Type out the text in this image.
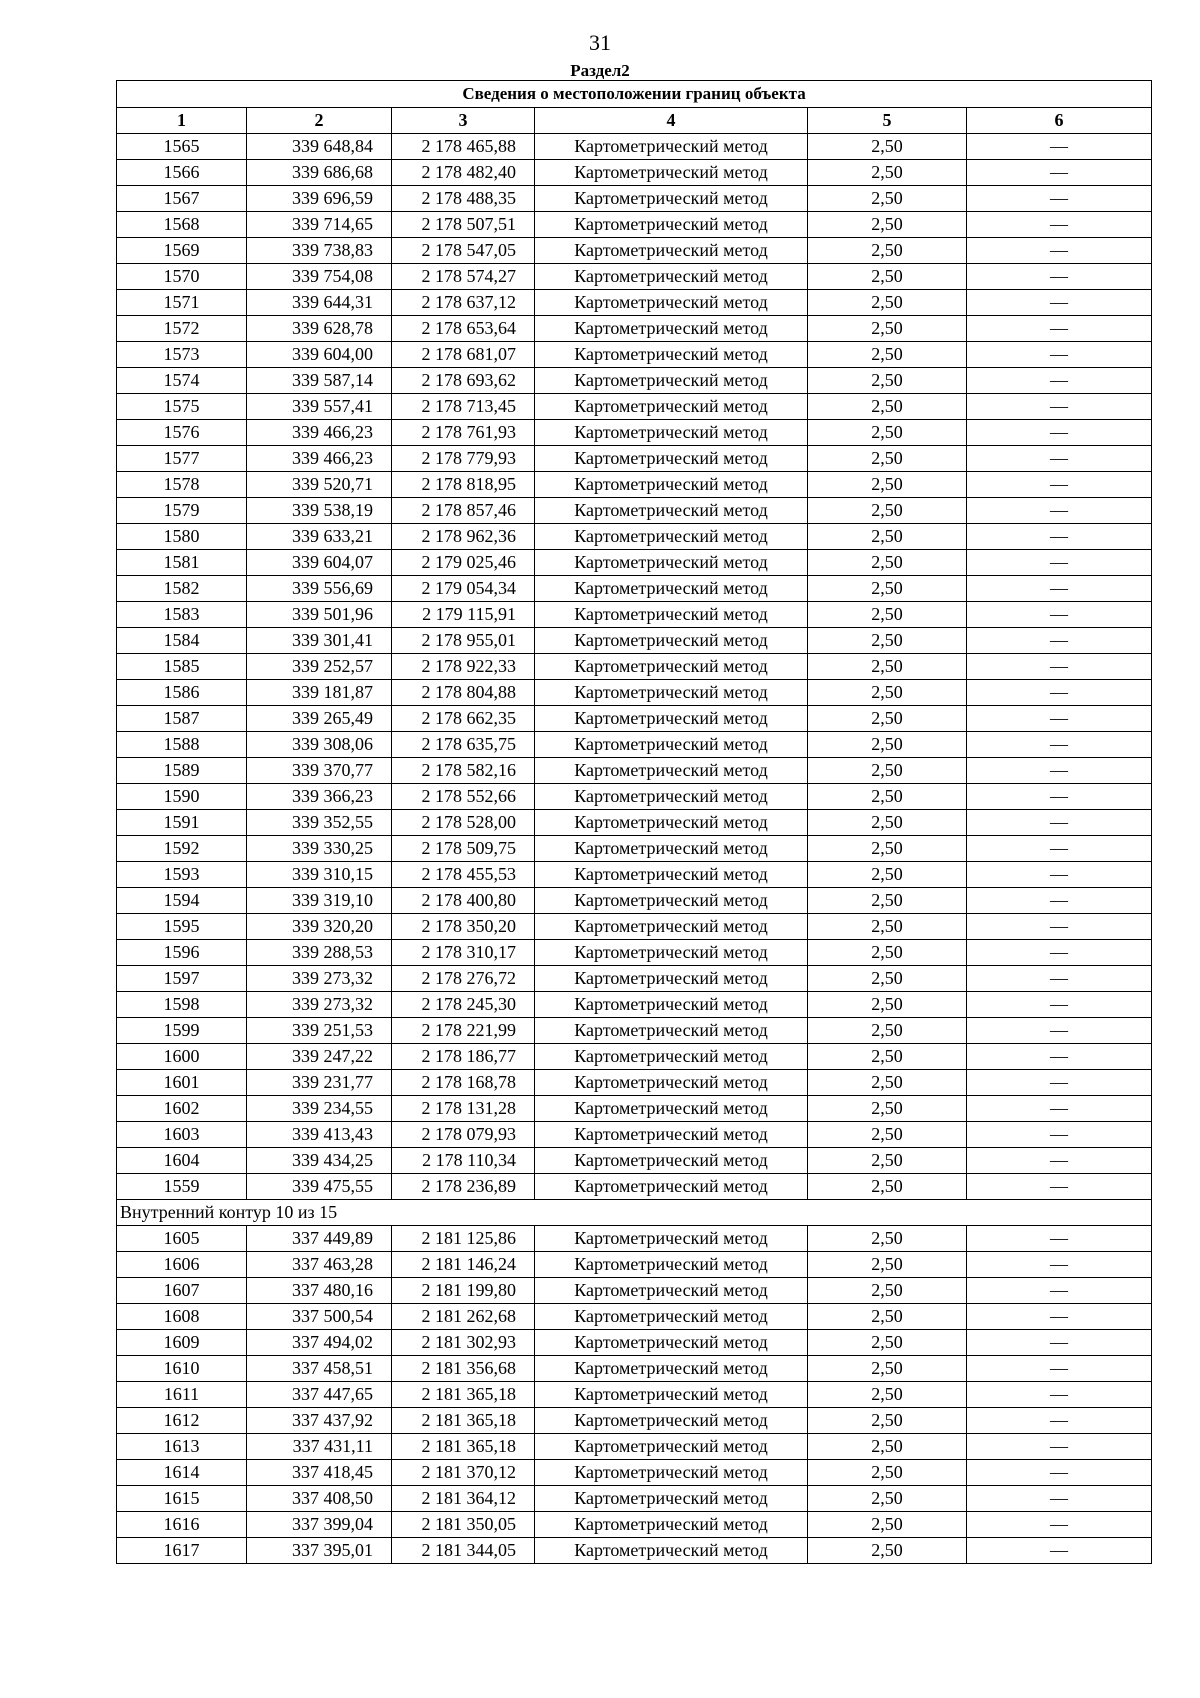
31
Раздел2
Сведения о местоположении границ объекта					
1	2	3	4	5	6
1565	339 648,84	2 178 465,88	Картометрический метод	2,50	—
1566	339 686,68	2 178 482,40	Картометрический метод	2,50	—
1567	339 696,59	2 178 488,35	Картометрический метод	2,50	—
1568	339 714,65	2 178 507,51	Картометрический метод	2,50	—
1569	339 738,83	2 178 547,05	Картометрический метод	2,50	—
1570	339 754,08	2 178 574,27	Картометрический метод	2,50	—
1571	339 644,31	2 178 637,12	Картометрический метод	2,50	—
1572	339 628,78	2 178 653,64	Картометрический метод	2,50	—
1573	339 604,00	2 178 681,07	Картометрический метод	2,50	—
1574	339 587,14	2 178 693,62	Картометрический метод	2,50	—
1575	339 557,41	2 178 713,45	Картометрический метод	2,50	—
1576	339 466,23	2 178 761,93	Картометрический метод	2,50	—
1577	339 466,23	2 178 779,93	Картометрический метод	2,50	—
1578	339 520,71	2 178 818,95	Картометрический метод	2,50	—
1579	339 538,19	2 178 857,46	Картометрический метод	2,50	—
1580	339 633,21	2 178 962,36	Картометрический метод	2,50	—
1581	339 604,07	2 179 025,46	Картометрический метод	2,50	—
1582	339 556,69	2 179 054,34	Картометрический метод	2,50	—
1583	339 501,96	2 179 115,91	Картометрический метод	2,50	—
1584	339 301,41	2 178 955,01	Картометрический метод	2,50	—
1585	339 252,57	2 178 922,33	Картометрический метод	2,50	—
1586	339 181,87	2 178 804,88	Картометрический метод	2,50	—
1587	339 265,49	2 178 662,35	Картометрический метод	2,50	—
1588	339 308,06	2 178 635,75	Картометрический метод	2,50	—
1589	339 370,77	2 178 582,16	Картометрический метод	2,50	—
1590	339 366,23	2 178 552,66	Картометрический метод	2,50	—
1591	339 352,55	2 178 528,00	Картометрический метод	2,50	—
1592	339 330,25	2 178 509,75	Картометрический метод	2,50	—
1593	339 310,15	2 178 455,53	Картометрический метод	2,50	—
1594	339 319,10	2 178 400,80	Картометрический метод	2,50	—
1595	339 320,20	2 178 350,20	Картометрический метод	2,50	—
1596	339 288,53	2 178 310,17	Картометрический метод	2,50	—
1597	339 273,32	2 178 276,72	Картометрический метод	2,50	—
1598	339 273,32	2 178 245,30	Картометрический метод	2,50	—
1599	339 251,53	2 178 221,99	Картометрический метод	2,50	—
1600	339 247,22	2 178 186,77	Картометрический метод	2,50	—
1601	339 231,77	2 178 168,78	Картометрический метод	2,50	—
1602	339 234,55	2 178 131,28	Картометрический метод	2,50	—
1603	339 413,43	2 178 079,93	Картометрический метод	2,50	—
1604	339 434,25	2 178 110,34	Картометрический метод	2,50	—
1559	339 475,55	2 178 236,89	Картометрический метод	2,50	—
Внутренний контур 10 из 15					
1605	337 449,89	2 181 125,86	Картометрический метод	2,50	—
1606	337 463,28	2 181 146,24	Картометрический метод	2,50	—
1607	337 480,16	2 181 199,80	Картометрический метод	2,50	—
1608	337 500,54	2 181 262,68	Картометрический метод	2,50	—
1609	337 494,02	2 181 302,93	Картометрический метод	2,50	—
1610	337 458,51	2 181 356,68	Картометрический метод	2,50	—
1611	337 447,65	2 181 365,18	Картометрический метод	2,50	—
1612	337 437,92	2 181 365,18	Картометрический метод	2,50	—
1613	337 431,11	2 181 365,18	Картометрический метод	2,50	—
1614	337 418,45	2 181 370,12	Картометрический метод	2,50	—
1615	337 408,50	2 181 364,12	Картометрический метод	2,50	—
1616	337 399,04	2 181 350,05	Картометрический метод	2,50	—
1617	337 395,01	2 181 344,05	Картометрический метод	2,50	—
